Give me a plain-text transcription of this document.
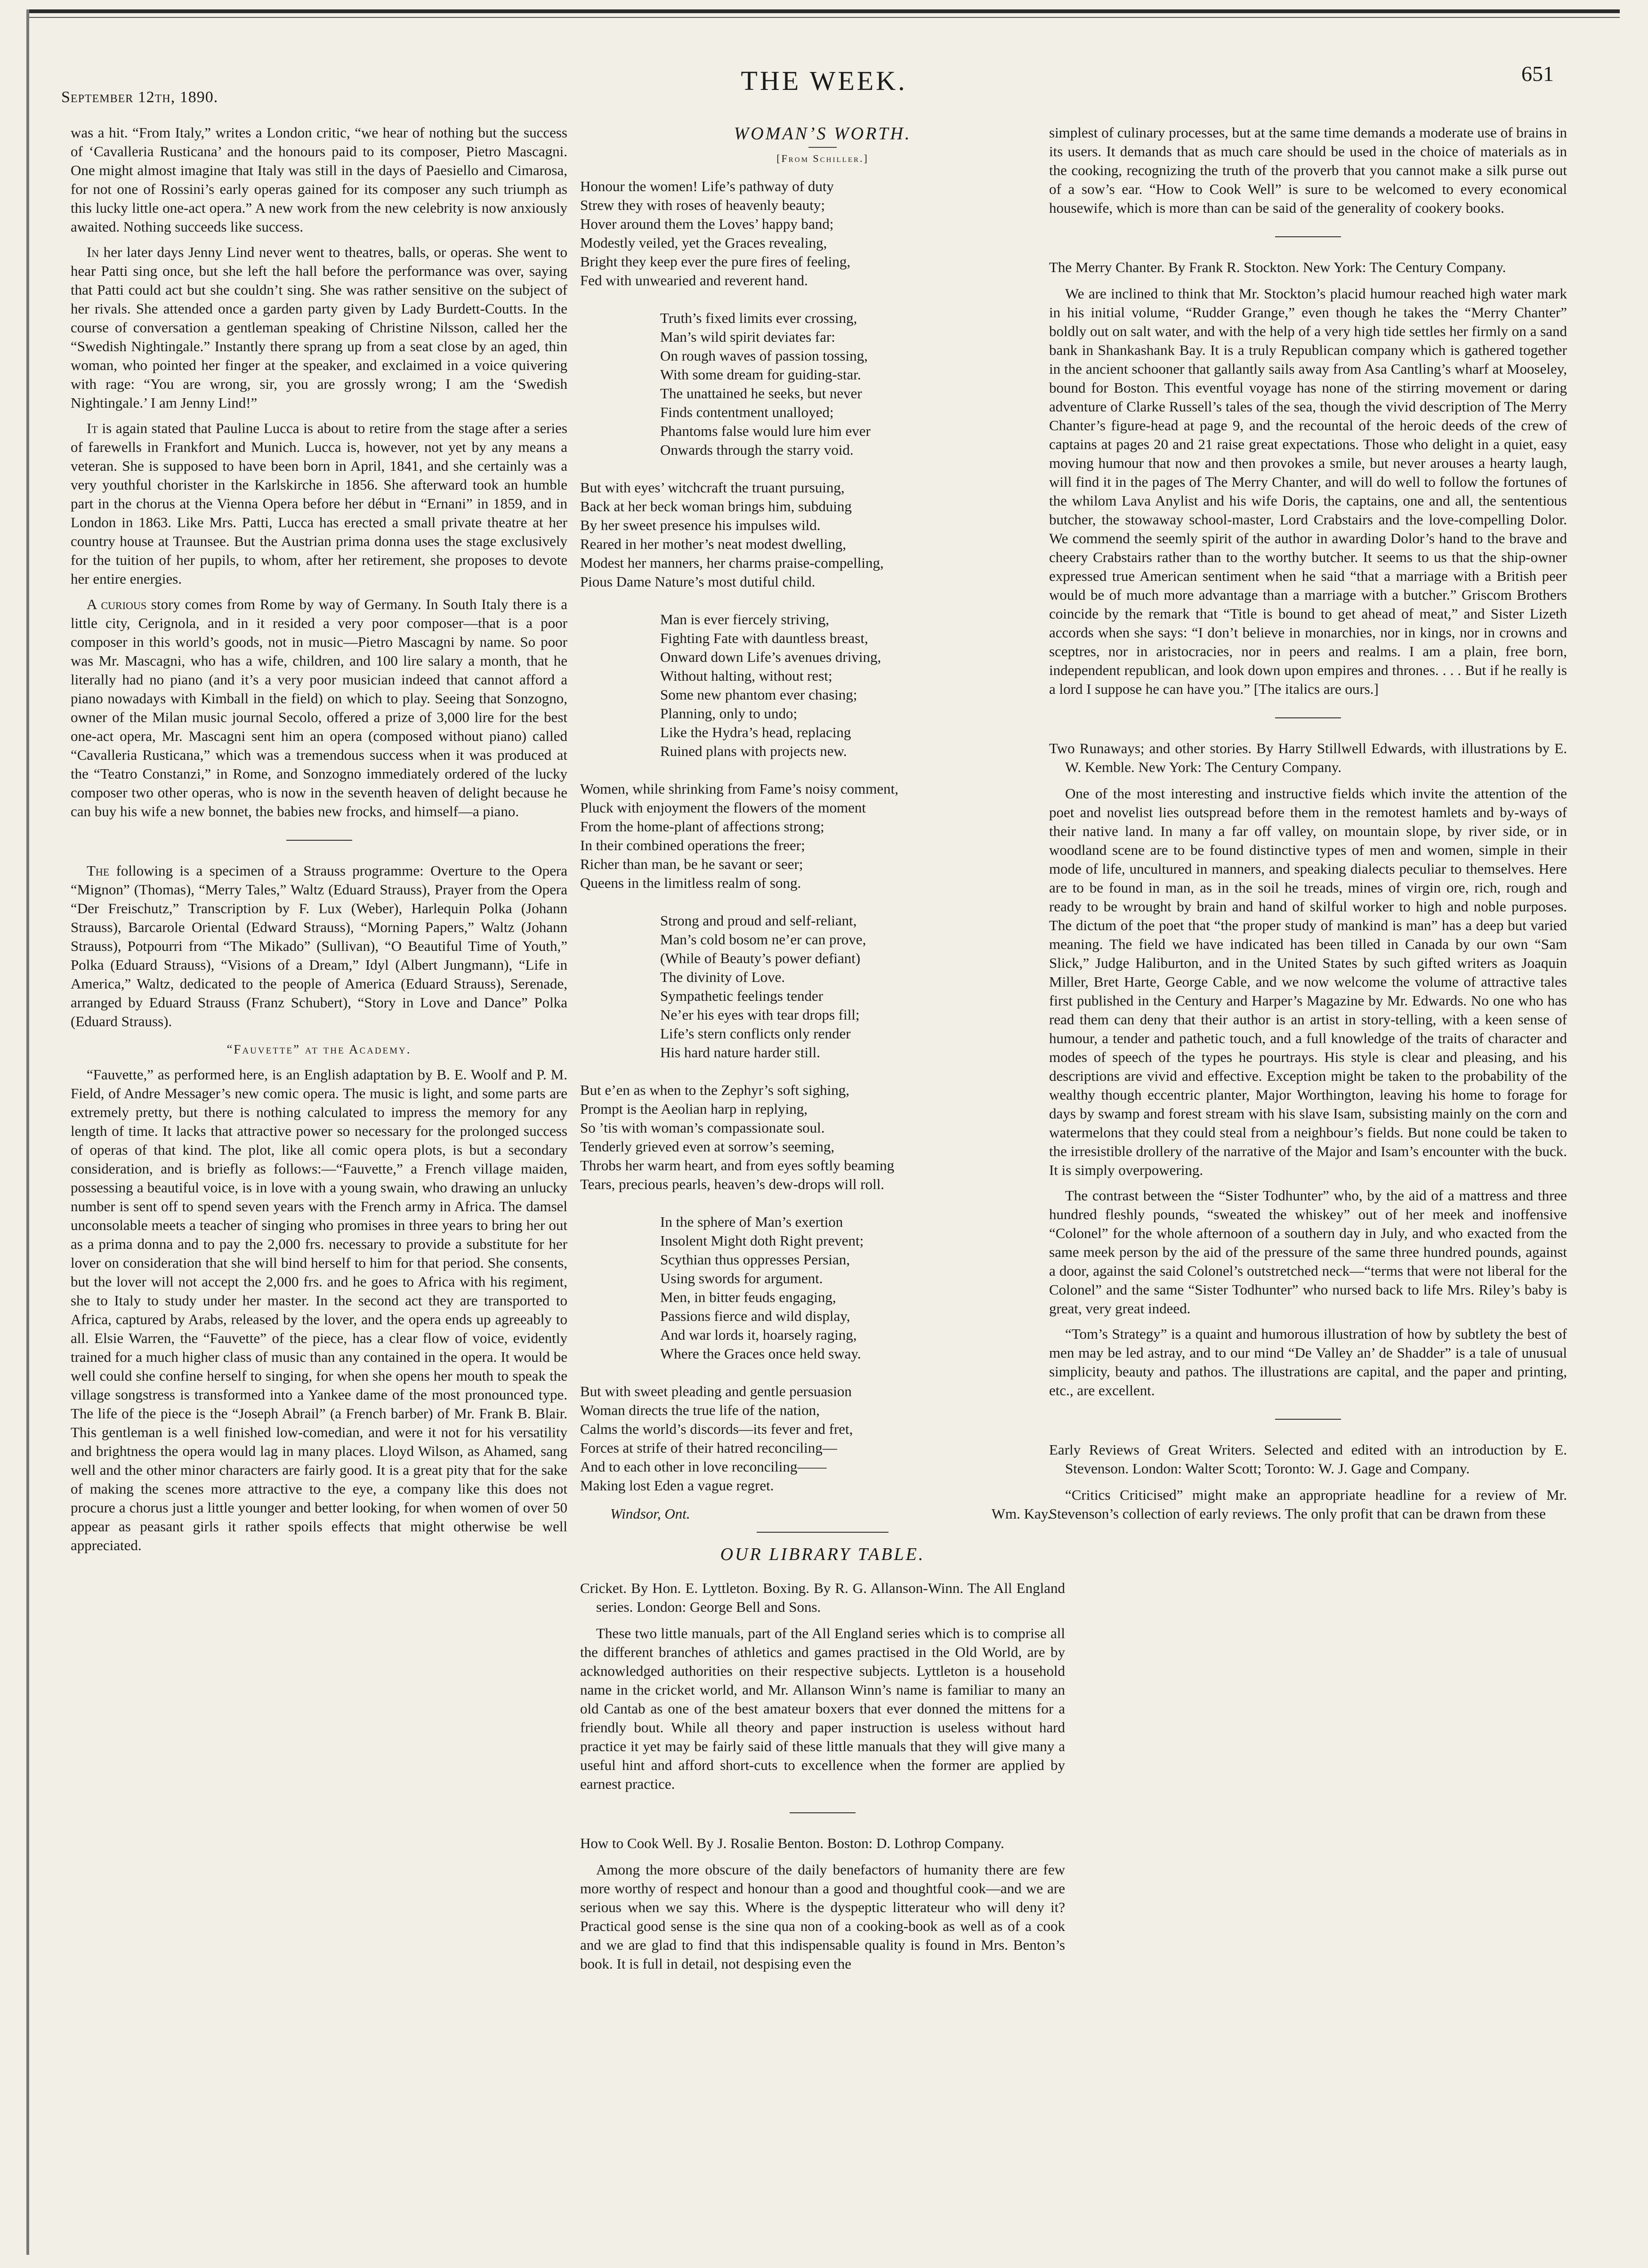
September 12th, 1890.
THE WEEK.	651

was a hit. “From Italy,” writes a London critic, “we hear of nothing but the success of ‘Cavalleria Rusticana’ and the honours paid to its composer, Pietro Mascagni. One might almost imagine that Italy was still in the days of Paesiello and Cimarosa, for not one of Rossini’s early operas gained for its composer any such triumph as this lucky little one-act opera.” A new work from the new celebrity is now anxiously awaited. Nothing succeeds like success.

In her later days Jenny Lind never went to theatres, balls, or operas. She went to hear Patti sing once, but she left the hall before the performance was over, saying that Patti could act but she couldn’t sing. She was rather sensitive on the subject of her rivals. She attended once a garden party given by Lady Burdett-Coutts. In the course of conversation a gentleman speaking of Christine Nilsson, called her the “Swedish Nightingale.” Instantly there sprang up from a seat close by an aged, thin woman, who pointed her finger at the speaker, and exclaimed in a voice quivering with rage: “You are wrong, sir, you are grossly wrong; I am the ‘Swedish Nightingale.’ I am Jenny Lind!”

It is again stated that Pauline Lucca is about to retire from the stage after a series of farewells in Frankfort and Munich. Lucca is, however, not yet by any means a veteran. She is supposed to have been born in April, 1841, and she certainly was a very youthful chorister in the Karlskirche in 1856. She afterward took an humble part in the chorus at the Vienna Opera before her début in “Ernani” in 1859, and in London in 1863. Like Mrs. Patti, Lucca has erected a small private theatre at her country house at Traunsee. But the Austrian prima donna uses the stage exclusively for the tuition of her pupils, to whom, after her retirement, she proposes to devote her entire energies.

A curious story comes from Rome by way of Germany. In South Italy there is a little city, Cerignola, and in it resided a very poor composer—that is a poor composer in this world’s goods, not in music—Pietro Mascagni by name. So poor was Mr. Mascagni, who has a wife, children, and 100 lire salary a month, that he literally had no piano (and it’s a very poor musician indeed that cannot afford a piano nowadays with Kimball in the field) on which to play. Seeing that Sonzogno, owner of the Milan music journal Secolo, offered a prize of 3,000 lire for the best one-act opera, Mr. Mascagni sent him an opera (composed without piano) called “Cavalleria Rusticana,” which was a tremendous success when it was produced at the “Teatro Constanzi,” in Rome, and Sonzogno immediately ordered of the lucky composer two other operas, who is now in the seventh heaven of delight because he can buy his wife a new bonnet, the babies new frocks, and himself—a piano.

The following is a specimen of a Strauss programme: Overture to the Opera “Mignon” (Thomas), “Merry Tales,” Waltz (Eduard Strauss), Prayer from the Opera “Der Freischutz,” Transcription by F. Lux (Weber), Harlequin Polka (Johann Strauss), Barcarole Oriental (Edward Strauss), “Morning Papers,” Waltz (Johann Strauss), Potpourri from “The Mikado” (Sullivan), “O Beautiful Time of Youth,” Polka (Eduard Strauss), “Visions of a Dream,” Idyl (Albert Jungmann), “Life in America,” Waltz, dedicated to the people of America (Eduard Strauss), Serenade, arranged by Eduard Strauss (Franz Schubert), “Story in Love and Dance” Polka (Eduard Strauss).

“Fauvette” at the Academy.

“Fauvette,” as performed here, is an English adaptation by B. E. Woolf and P. M. Field, of Andre Messager’s new comic opera. The music is light, and some parts are extremely pretty, but there is nothing calculated to impress the memory for any length of time. It lacks that attractive power so necessary for the prolonged success of operas of that kind. The plot, like all comic opera plots, is but a secondary consideration, and is briefly as follows:—“Fauvette,” a French village maiden, possessing a beautiful voice, is in love with a young swain, who drawing an unlucky number is sent off to spend seven years with the French army in Africa. The damsel unconsolable meets a teacher of singing who promises in three years to bring her out as a prima donna and to pay the 2,000 frs. necessary to provide a substitute for her lover on consideration that she will bind herself to him for that period. She consents, but the lover will not accept the 2,000 frs. and he goes to Africa with his regiment, she to Italy to study under her master. In the second act they are transported to Africa, captured by Arabs, released by the lover, and the opera ends up agreeably to all. Elsie Warren, the “Fauvette” of the piece, has a clear flow of voice, evidently trained for a much higher class of music than any contained in the opera. It would be well could she confine herself to singing, for when she opens her mouth to speak the village songstress is transformed into a Yankee dame of the most pronounced type. The life of the piece is the “Joseph Abrail” (a French barber) of Mr. Frank B. Blair. This gentleman is a well finished low-comedian, and were it not for his versatility and brightness the opera would lag in many places. Lloyd Wilson, as Ahamed, sang well and the other minor characters are fairly good. It is a great pity that for the sake of making the scenes more attractive to the eye, a company like this does not procure a chorus just a little younger and better looking, for when women of over 50 appear as peasant girls it rather spoils effects that might otherwise be well appreciated.

WOMAN’S WORTH.
[From Schiller.]
Honour the women! Life’s pathway of duty
Strew they with roses of heavenly beauty;
Hover around them the Loves’ happy band;
Modestly veiled, yet the Graces revealing,
Bright they keep ever the pure fires of feeling,
Fed with unwearied and reverent hand.
Truth’s fixed limits ever crossing,
Man’s wild spirit deviates far:
On rough waves of passion tossing,
With some dream for guiding-star.
The unattained he seeks, but never
Finds contentment unalloyed;
Phantoms false would lure him ever
Onwards through the starry void.
But with eyes’ witchcraft the truant pursuing,
Back at her beck woman brings him, subduing
By her sweet presence his impulses wild.
Reared in her mother’s neat modest dwelling,
Modest her manners, her charms praise-compelling,
Pious Dame Nature’s most dutiful child.
Man is ever fiercely striving,
Fighting Fate with dauntless breast,
Onward down Life’s avenues driving,
Without halting, without rest;
Some new phantom ever chasing;
Planning, only to undo;
Like the Hydra’s head, replacing
Ruined plans with projects new.
Women, while shrinking from Fame’s noisy comment,
Pluck with enjoyment the flowers of the moment
From the home-plant of affections strong;
In their combined operations the freer;
Richer than man, be he savant or seer;
Queens in the limitless realm of song.
Strong and proud and self-reliant,
Man’s cold bosom ne’er can prove,
(While of Beauty’s power defiant)
The divinity of Love.
Sympathetic feelings tender
Ne’er his eyes with tear drops fill;
Life’s stern conflicts only render
His hard nature harder still.
But e’en as when to the Zephyr’s soft sighing,
Prompt is the Aeolian harp in replying,
So ’tis with woman’s compassionate soul.
Tenderly grieved even at sorrow’s seeming,
Throbs her warm heart, and from eyes softly beaming
Tears, precious pearls, heaven’s dew-drops will roll.
In the sphere of Man’s exertion
Insolent Might doth Right prevent;
Scythian thus oppresses Persian,
Using swords for argument.
Men, in bitter feuds engaging,
Passions fierce and wild display,
And war lords it, hoarsely raging,
Where the Graces once held sway.
But with sweet pleading and gentle persuasion
Woman directs the true life of the nation,
Calms the world’s discords—its fever and fret,
Forces at strife of their hatred reconciling—
And to each other in love reconciling——
Making lost Eden a vague regret.
Windsor, Ont.	Wm. Kay.
OUR LIBRARY TABLE.

Cricket. By Hon. E. Lyttleton. Boxing. By R. G. Allanson-Winn. The All England series. London: George Bell and Sons.

These two little manuals, part of the All England series which is to comprise all the different branches of athletics and games practised in the Old World, are by acknowledged authorities on their respective subjects. Lyttleton is a household name in the cricket world, and Mr. Allanson Winn’s name is familiar to many an old Cantab as one of the best amateur boxers that ever donned the mittens for a friendly bout. While all theory and paper instruction is useless without hard practice it yet may be fairly said of these little manuals that they will give many a useful hint and afford short-cuts to excellence when the former are applied by earnest practice.

How to Cook Well. By J. Rosalie Benton. Boston: D. Lothrop Company.

Among the more obscure of the daily benefactors of humanity there are few more worthy of respect and honour than a good and thoughtful cook—and we are serious when we say this. Where is the dyspeptic litterateur who will deny it? Practical good sense is the sine qua non of a cooking-book as well as of a cook and we are glad to find that this indispensable quality is found in Mrs. Benton’s book. It is full in detail, not despising even the

simplest of culinary processes, but at the same time demands a moderate use of brains in its users. It demands that as much care should be used in the choice of materials as in the cooking, recognizing the truth of the proverb that you cannot make a silk purse out of a sow’s ear. “How to Cook Well” is sure to be welcomed to every economical housewife, which is more than can be said of the generality of cookery books.

The Merry Chanter. By Frank R. Stockton. New York: The Century Company.

We are inclined to think that Mr. Stockton’s placid humour reached high water mark in his initial volume, “Rudder Grange,” even though he takes the “Merry Chanter” boldly out on salt water, and with the help of a very high tide settles her firmly on a sand bank in Shankashank Bay. It is a truly Republican company which is gathered together in the ancient schooner that gallantly sails away from Asa Cantling’s wharf at Mooseley, bound for Boston. This eventful voyage has none of the stirring movement or daring adventure of Clarke Russell’s tales of the sea, though the vivid description of The Merry Chanter’s figure-head at page 9, and the recountal of the heroic deeds of the crew of captains at pages 20 and 21 raise great expectations. Those who delight in a quiet, easy moving humour that now and then provokes a smile, but never arouses a hearty laugh, will find it in the pages of The Merry Chanter, and will do well to follow the fortunes of the whilom Lava Anylist and his wife Doris, the captains, one and all, the sententious butcher, the stowaway school-master, Lord Crabstairs and the love-compelling Dolor. We commend the seemly spirit of the author in awarding Dolor’s hand to the brave and cheery Crabstairs rather than to the worthy butcher. It seems to us that the ship-owner expressed true American sentiment when he said “that a marriage with a British peer would be of much more advantage than a marriage with a butcher.” Griscom Brothers coincide by the remark that “Title is bound to get ahead of meat,” and Sister Lizeth accords when she says: “I don’t believe in monarchies, nor in kings, nor in crowns and sceptres, nor in aristocracies, nor in peers and realms. I am a plain, free born, independent republican, and look down upon empires and thrones. . . . But if he really is a lord I suppose he can have you.” [The italics are ours.]

Two Runaways; and other stories. By Harry Stillwell Edwards, with illustrations by E. W. Kemble. New York: The Century Company.

One of the most interesting and instructive fields which invite the attention of the poet and novelist lies outspread before them in the remotest hamlets and by-ways of their native land. In many a far off valley, on mountain slope, by river side, or in woodland scene are to be found distinctive types of men and women, simple in their mode of life, uncultured in manners, and speaking dialects peculiar to themselves. Here are to be found in man, as in the soil he treads, mines of virgin ore, rich, rough and ready to be wrought by brain and hand of skilful worker to high and noble purposes. The dictum of the poet that “the proper study of mankind is man” has a deep but varied meaning. The field we have indicated has been tilled in Canada by our own “Sam Slick,” Judge Haliburton, and in the United States by such gifted writers as Joaquin Miller, Bret Harte, George Cable, and we now welcome the volume of attractive tales first published in the Century and Harper’s Magazine by Mr. Edwards. No one who has read them can deny that their author is an artist in story-telling, with a keen sense of humour, a tender and pathetic touch, and a full knowledge of the traits of character and modes of speech of the types he pourtrays. His style is clear and pleasing, and his descriptions are vivid and effective. Exception might be taken to the probability of the wealthy though eccentric planter, Major Worthington, leaving his home to forage for days by swamp and forest stream with his slave Isam, subsisting mainly on the corn and watermelons that they could steal from a neighbour’s fields. But none could be taken to the irresistible drollery of the narrative of the Major and Isam’s encounter with the buck. It is simply overpowering.

The contrast between the “Sister Todhunter” who, by the aid of a mattress and three hundred fleshly pounds, “sweated the whiskey” out of her meek and inoffensive “Colonel” for the whole afternoon of a southern day in July, and who exacted from the same meek person by the aid of the pressure of the same three hundred pounds, against a door, against the said Colonel’s outstretched neck—“terms that were not liberal for the Colonel” and the same “Sister Todhunter” who nursed back to life Mrs. Riley’s baby is great, very great indeed.

“Tom’s Strategy” is a quaint and humorous illustration of how by subtlety the best of men may be led astray, and to our mind “De Valley an’ de Shadder” is a tale of unusual simplicity, beauty and pathos. The illustrations are capital, and the paper and printing, etc., are excellent.

Early Reviews of Great Writers. Selected and edited with an introduction by E. Stevenson. London: Walter Scott; Toronto: W. J. Gage and Company.

“Critics Criticised” might make an appropriate headline for a review of Mr. Stevenson’s collection of early reviews. The only profit that can be drawn from these
